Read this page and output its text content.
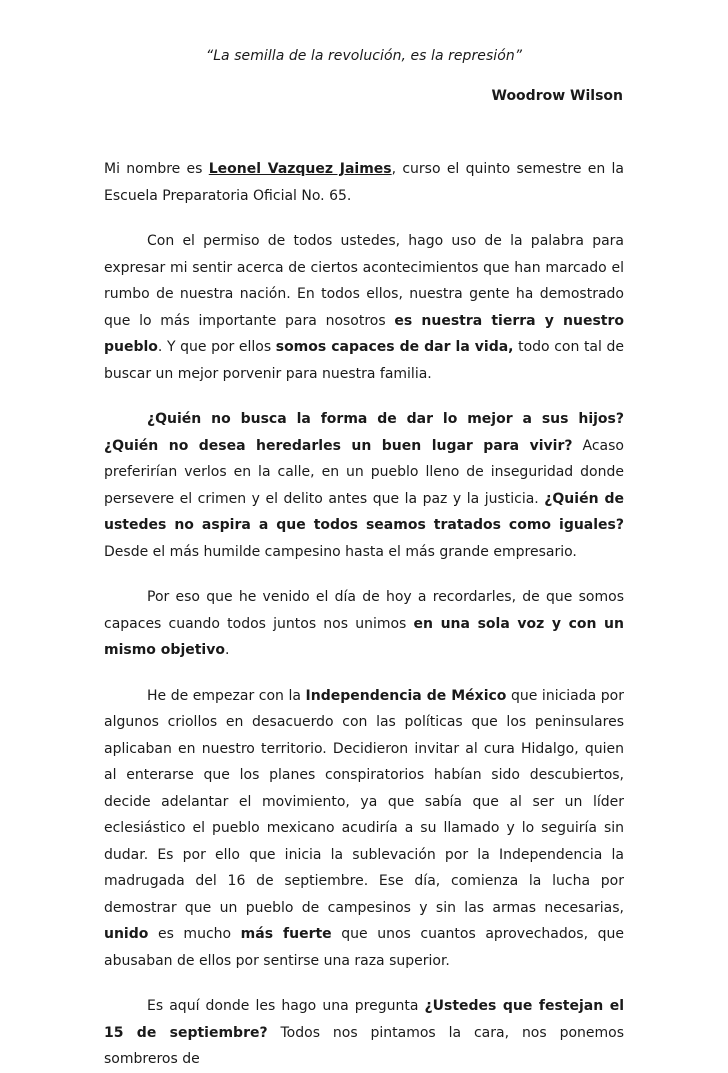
“La semilla de la revolución, es la represión”
Woodrow Wilson

Mi nombre es Leonel Vazquez Jaimes, curso el quinto semestre en la Escuela Preparatoria Oficial No. 65.

Con el permiso de todos ustedes, hago uso de la palabra para expresar mi sentir acerca de ciertos acontecimientos que han marcado el rumbo de nuestra nación. En todos ellos, nuestra gente ha demostrado que lo más importante para nosotros es nuestra tierra y nuestro pueblo. Y que por ellos somos capaces de dar la vida, todo con tal de buscar un mejor porvenir para nuestra familia.

¿Quién no busca la forma de dar lo mejor a sus hijos? ¿Quién no desea heredarles un buen lugar para vivir? Acaso preferirían verlos en la calle, en un pueblo lleno de inseguridad donde persevere el crimen y el delito antes que la paz y la justicia. ¿Quién de ustedes no aspira a que todos seamos tratados como iguales? Desde el más humilde campesino hasta el más grande empresario.

Por eso que he venido el día de hoy a recordarles, de que somos capaces cuando todos juntos nos unimos en una sola voz y con un mismo objetivo.

He de empezar con la Independencia de México que iniciada por algunos criollos en desacuerdo con las políticas que los peninsulares aplicaban en nuestro territorio. Decidieron invitar al cura Hidalgo, quien al enterarse que los planes conspiratorios habían sido descubiertos, decide adelantar el movimiento, ya que sabía que al ser un líder eclesiástico el pueblo mexicano acudiría a su llamado y lo seguiría sin dudar. Es por ello que inicia la sublevación por la Independencia la madrugada del 16 de septiembre. Ese día, comienza la lucha por demostrar que un pueblo de campesinos y sin las armas necesarias, unido es mucho más fuerte que unos cuantos aprovechados, que abusaban de ellos por sentirse una raza superior.

Es aquí donde les hago una pregunta ¿Ustedes que festejan el 15 de septiembre? Todos nos pintamos la cara, nos ponemos sombreros de
